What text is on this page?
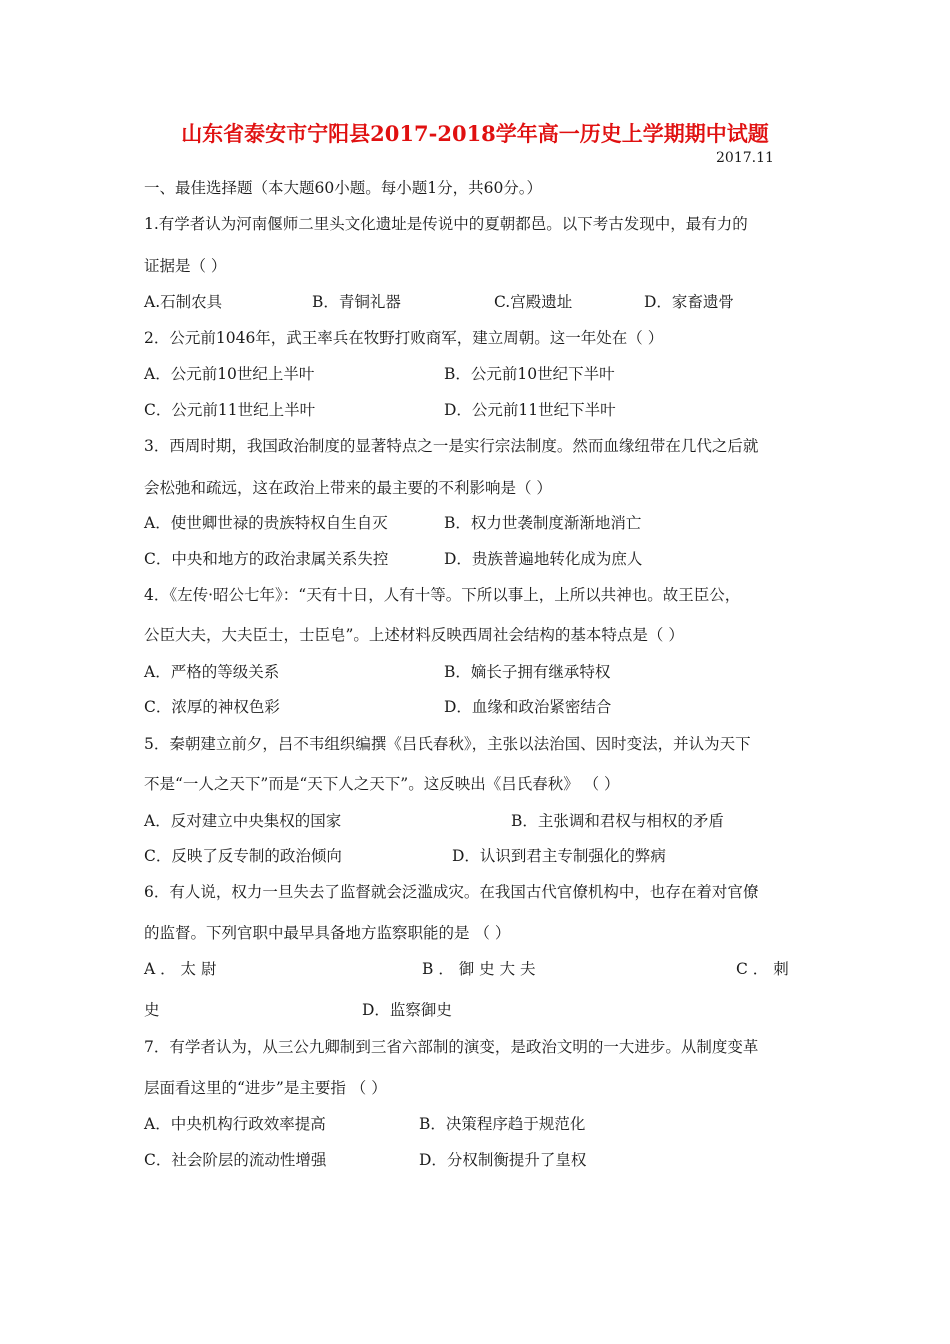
山东省泰安市宁阳县2017-2018学年高一历史上学期期中试题
2017.11
一、最佳选择题（本大题60小题。每小题1分，共60分。）
1.有学者认为河南偃师二里头文化遗址是传说中的夏朝都邑。以下考古发现中，最有力的
证据是（ ）
A.石制农具	B．青铜礼器	C.宫殿遗址	D．家畜遗骨
2．公元前1046年，武王率兵在牧野打败商军，建立周朝。这一年处在（ ）
A．公元前10世纪上半叶	B．公元前10世纪下半叶
C．公元前11世纪上半叶	D．公元前11世纪下半叶
3．西周时期，我国政治制度的显著特点之一是实行宗法制度。然而血缘纽带在几代之后就
会松弛和疏远，这在政治上带来的最主要的不利影响是（ ）
A．使世卿世禄的贵族特权自生自灭	B．权力世袭制度渐渐地消亡
C．中央和地方的政治隶属关系失控	D．贵族普遍地转化成为庶人
4．《左传·昭公七年》：“天有十日，人有十等。下所以事上，上所以共神也。故王臣公，
公臣大夫，大夫臣士，士臣皂”。上述材料反映西周社会结构的基本特点是（ ）
A．严格的等级关系	B．嫡长子拥有继承特权
C．浓厚的神权色彩	D．血缘和政治紧密结合
5．秦朝建立前夕，吕不韦组织编撰《吕氏春秋》，主张以法治国、因时变法，并认为天下
不是“一人之天下”而是“天下人之天下”。这反映出《吕氏春秋》 （ ）
A．反对建立中央集权的国家	B．主张调和君权与相权的矛盾
C．反映了反专制的政治倾向	D．认识到君主专制强化的弊病
6．有人说，权力一旦失去了监督就会泛滥成灾。在我国古代官僚机构中，也存在着对官僚
的监督。下列官职中最早具备地方监察职能的是 （ ）
A ． 太 尉	B ． 御 史 大 夫	C ． 刺
史	D．监察御史
7．有学者认为，从三公九卿制到三省六部制的演变，是政治文明的一大进步。从制度变革
层面看这里的“进步”是主要指 （ ）
A．中央机构行政效率提高	B．决策程序趋于规范化
C．社会阶层的流动性增强	D．分权制衡提升了皇权
